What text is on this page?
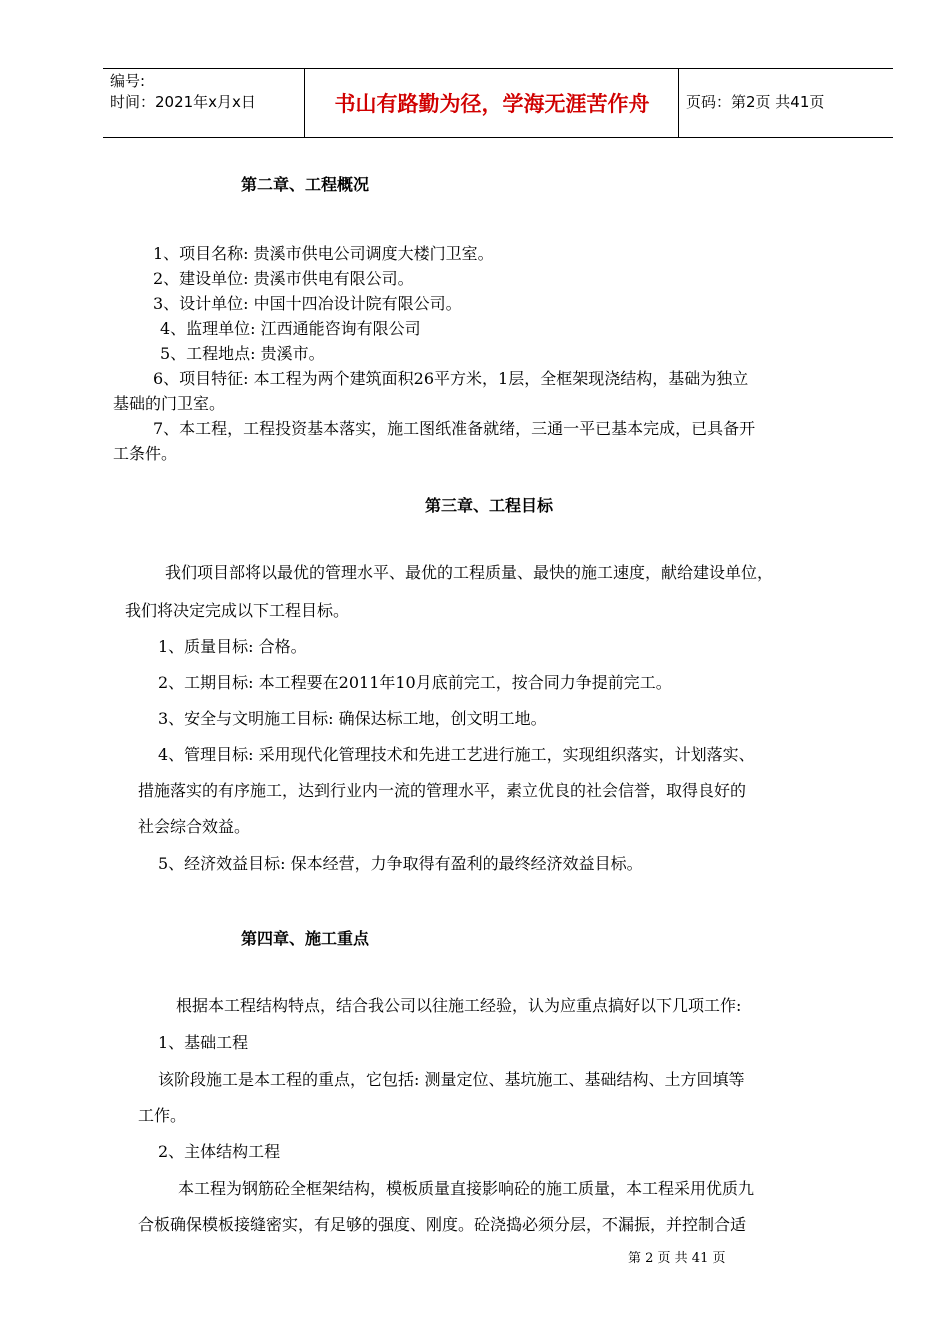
编号:
时间：2021年x月x日	书山有路勤为径，学海无涯苦作舟	页码：第2页 共41页
第二章、工程概况
1、项目名称: 贵溪市供电公司调度大楼门卫室。
2、建设单位: 贵溪市供电有限公司。
3、设计单位: 中国十四冶设计院有限公司。
4、监理单位: 江西通能咨询有限公司
5、工程地点: 贵溪市。
6、项目特征: 本工程为两个建筑面积26平方米，1层，全框架现浇结构，基础为独立
基础的门卫室。
7、本工程，工程投资基本落实，施工图纸准备就绪，三通一平已基本完成，已具备开
工条件。
第三章、工程目标
我们项目部将以最优的管理水平、最优的工程质量、最快的施工速度，献给建设单位，
我们将决定完成以下工程目标。
1、质量目标: 合格。
2、工期目标: 本工程要在2011年10月底前完工，按合同力争提前完工。
3、安全与文明施工目标: 确保达标工地，创文明工地。
4、管理目标: 采用现代化管理技术和先进工艺进行施工，实现组织落实，计划落实、
措施落实的有序施工，达到行业内一流的管理水平，素立优良的社会信誉，取得良好的
社会综合效益。
5、经济效益目标: 保本经营，力争取得有盈利的最终经济效益目标。
第四章、施工重点
根据本工程结构特点，结合我公司以往施工经验，认为应重点搞好以下几项工作:
1、基础工程
该阶段施工是本工程的重点，它包括: 测量定位、基坑施工、基础结构、土方回填等
工作。
2、主体结构工程
本工程为钢筋砼全框架结构，模板质量直接影响砼的施工质量，本工程采用优质九
合板确保模板接缝密实，有足够的强度、刚度。砼浇捣必须分层，不漏振，并控制合适
第 2 页 共 41 页
